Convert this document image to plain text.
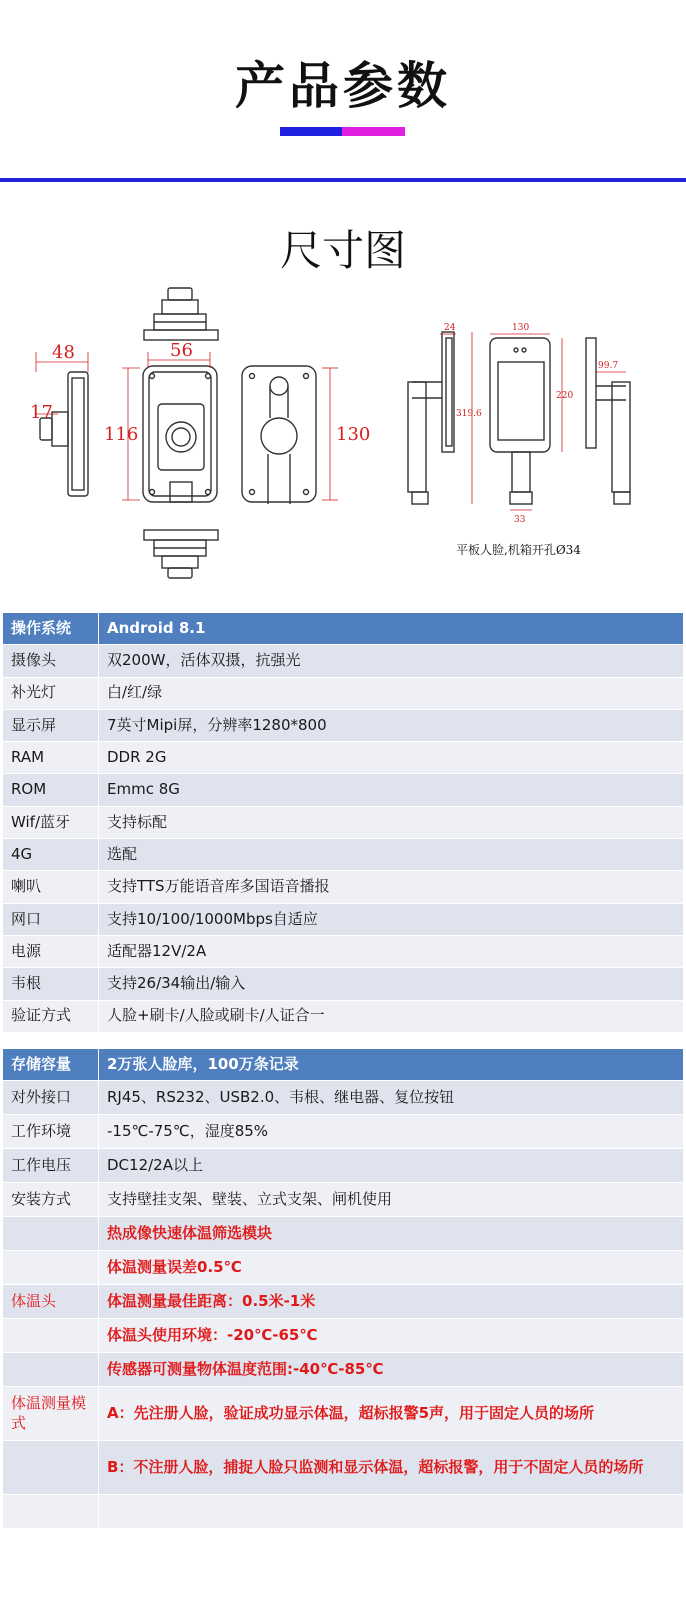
产品参数
尺寸图
48
17
56
116	130
24
319.6
130
220
99.7
33
平板人脸,机箱开孔Ø34
操作系统	Android 8.1
摄像头	双200W，活体双摄，抗强光
补光灯	白/红/绿
显示屏	7英寸Mipi屏，分辨率1280*800
RAM	DDR 2G
ROM	Emmc 8G
Wif/蓝牙	支持标配
4G	选配
喇叭	支持TTS万能语音库多国语音播报
网口	支持10/100/1000Mbps自适应
电源	适配器12V/2A
韦根	支持26/34输出/输入
验证方式	人脸+刷卡/人脸或刷卡/人证合一
存储容量	2万张人脸库，100万条记录
对外接口	RJ45、RS232、USB2.0、韦根、继电器、复位按钮
工作环境	-15℃-75℃，湿度85%
工作电压	DC12/2A以上
安装方式	支持壁挂支架、壁装、立式支架、闸机使用
	热成像快速体温筛选模块
	体温测量误差0.5℃
体温头	体温测量最佳距离：0.5米-1米
	体温头使用环境：-20℃-65℃
	传感器可测量物体温度范围:-40℃-85℃
体温测量模式	A：先注册人脸，验证成功显示体温，超标报警5声，用于固定人员的场所
	B：不注册人脸，捕捉人脸只监测和显示体温，超标报警，用于不固定人员的场所
